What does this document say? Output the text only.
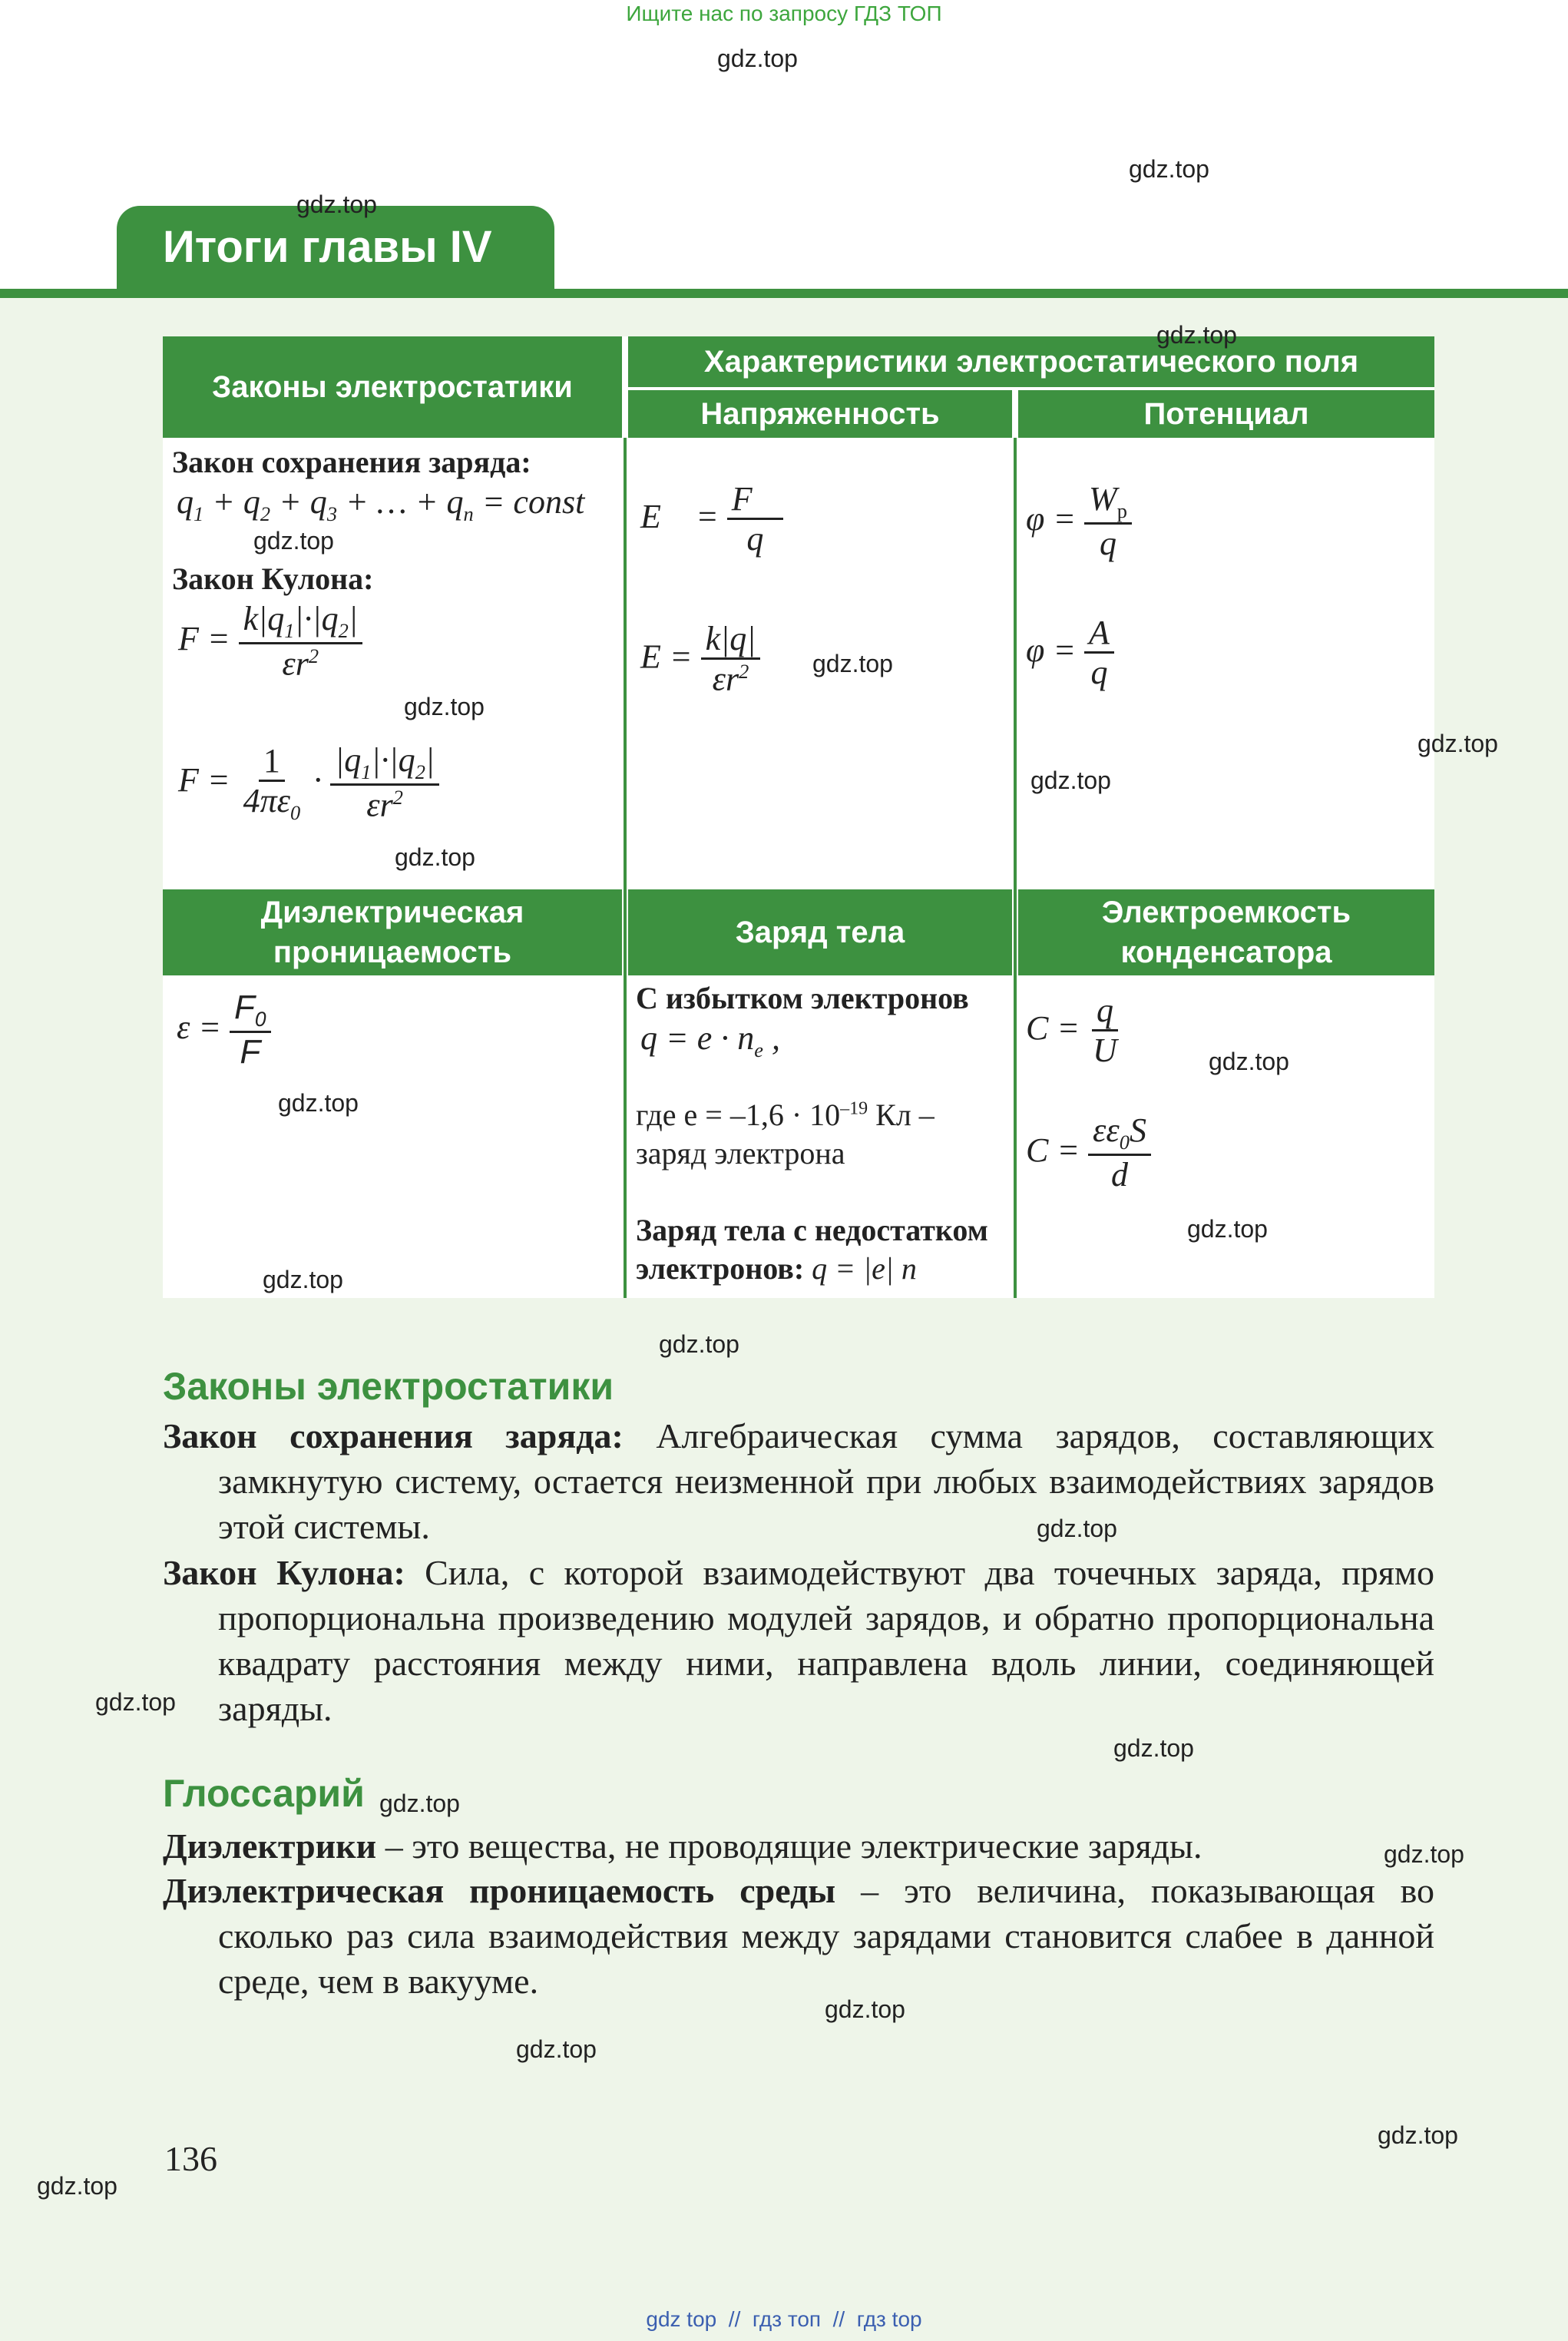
Ищите нас по запросу ГДЗ ТОП
Итоги главы IV
Законы электростатики
Характеристики электростатического поля
Напряженность	Потенциал
Закон сохранения заряда:
$q_1 + q_2 + q_3$ + … + $q_n$ = const
Закон Кулона:
$F = \frac{k|q_1|\cdot|q_2|}{\varepsilon r^2}$
$F = \frac{1}{4\pi\varepsilon_0} \cdot \frac{|q_1|\cdot|q_2|}{\varepsilon r^2}$
E⃗ = $\frac{F⃗}{q}$
$E = \frac{k|q|}{\varepsilon r^2}$
$\varphi = \frac{W_р}{q}$
$\varphi = \frac{A}{q}$
Диэлектрическая проницаемость
Заряд тела
Электроемкость конденсатора
$\varepsilon = \frac{F_0}{F}$	С избытком электронов
$q = e \cdot n_e$ ,
где $е = -1,6 \cdot 10^{-19}$ Кл –
заряд электрона
Заряд тела с недостатком
электронов: q = |e| n
$C = \frac{q}{U}$
$C = \frac{\varepsilon\varepsilon_0S}{d}$
Законы электростатики
Закон сохранения заряда: Алгебраическая сумма зарядов, составляющих замкнутую систему, остается неизменной при любых взаимодействиях зарядов этой системы.
Закон Кулона: Сила, с которой взаимодействуют два точечных заряда, прямо пропорциональна произведению модулей зарядов, и обратно пропорциональна квадрату расстояния между ними, направлена вдоль линии, соединяющей заряды.
Глоссарий
Диэлектрики – это вещества, не проводящие электрические заряды.
Диэлектрическая проницаемость среды – это величина, показывающая во сколько раз сила взаимодействия между зарядами становится слабее в данной среде, чем в вакууме.
136
gdz.top
gdz.top
gdz.top
gdz.top
gdz.top
gdz.top
gdz.top
gdz.top
gdz.top
gdz.top
gdz.top
gdz.top
gdz.top
gdz.top
gdz.top
gdz.top
gdz.top
gdz.top
gdz.top
gdz.top
gdz.top
gdz.top
gdz.top
gdz.top
gdz top // гдз топ // гдз top
